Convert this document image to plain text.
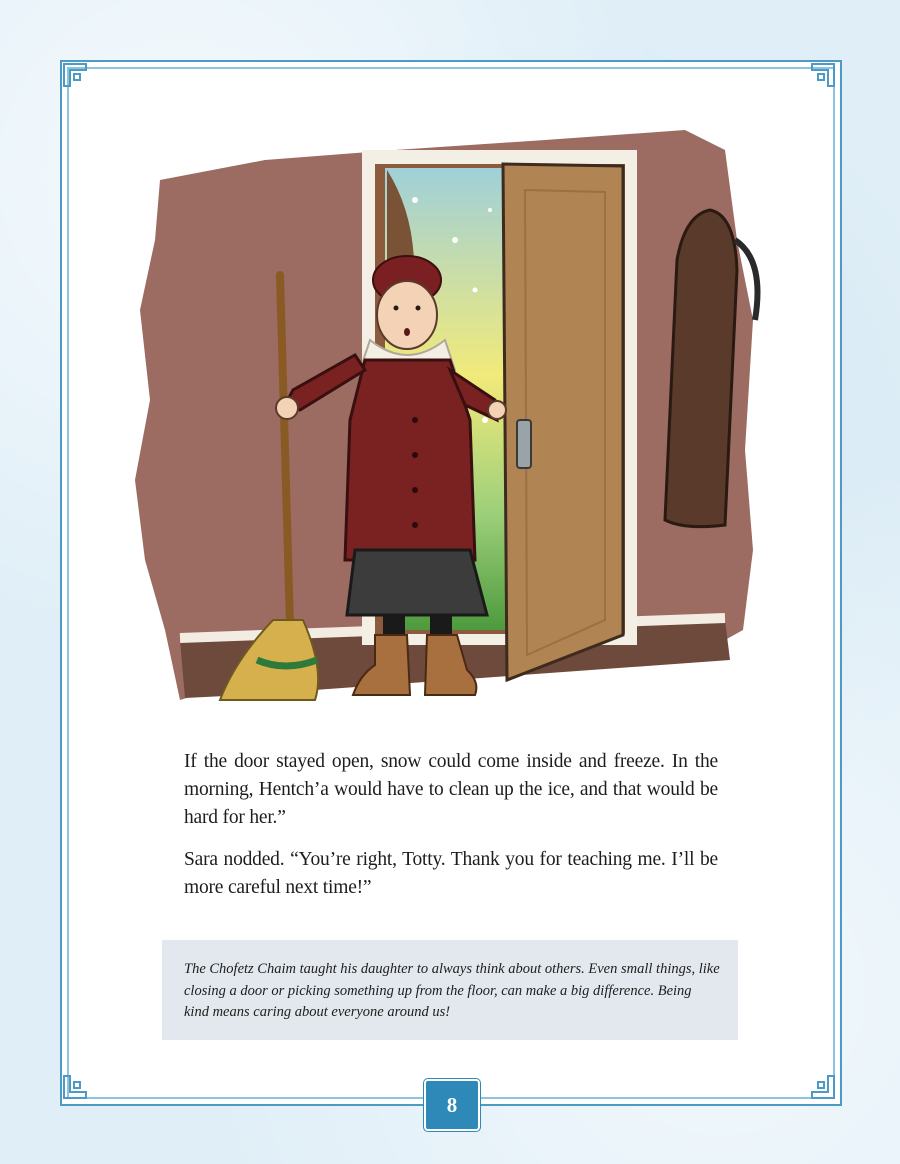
If the door stayed open, snow could come inside and freeze. In the morning, Hentch’a would have to clean up the ice, and that would be hard for her.”

Sara nodded. “You’re right, Totty. Thank you for teaching me. I’ll be more careful next time!”

The Chofetz Chaim taught his daughter to always think about others. Even small things, like closing a door or picking something up from the floor, can make a big difference. Being kind means caring about everyone around us!

8
